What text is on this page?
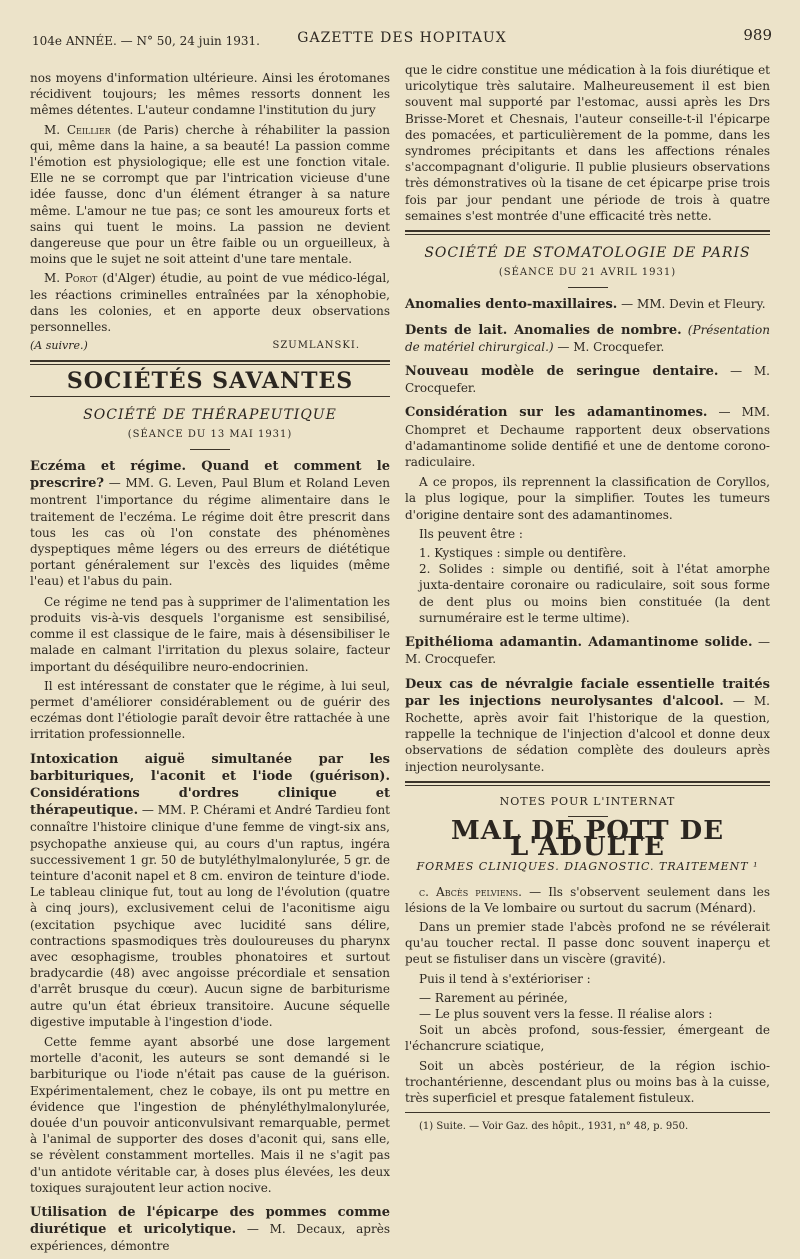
104e ANNÉE. — N° 50, 24 juin 1931.	GAZETTE DES HOPITAUX	989

nos moyens d'information ultérieure. Ainsi les érotomanes récidivent toujours; les mêmes ressorts donnent les mêmes détentes. L'auteur condamne l'institution du jury

M. Ceillier (de Paris) cherche à réhabiliter la passion qui, même dans la haine, a sa beauté! La passion comme l'émotion est physiologique; elle est une fonction vitale. Elle ne se corrompt que par l'intrication vicieuse d'une idée fausse, donc d'un élément étranger à sa nature même. L'amour ne tue pas; ce sont les amoureux forts et sains qui tuent le moins. La passion ne devient dangereuse que pour un être faible ou un orgueilleux, à moins que le sujet ne soit atteint d'une tare mentale.

M. Porot (d'Alger) étudie, au point de vue médico-légal, les réactions criminelles entraînées par la xénophobie, dans les colonies, et en apporte deux observations personnelles.

(A suivre.)	SZUMLANSKI.
SOCIÉTÉS SAVANTES
SOCIÉTÉ DE THÉRAPEUTIQUE
(SÉANCE DU 13 MAI 1931)

Eczéma et régime. Quand et comment le prescrire? — MM. G. Leven, Paul Blum et Roland Leven montrent l'importance du régime alimentaire dans le traitement de l'eczéma. Le régime doit être prescrit dans tous les cas où l'on constate des phénomènes dyspeptiques même légers ou des erreurs de diététique portant généralement sur l'excès des liquides (même l'eau) et l'abus du pain.

Ce régime ne tend pas à supprimer de l'alimentation les produits vis-à-vis desquels l'organisme est sensibilisé, comme il est classique de le faire, mais à désensibiliser le malade en calmant l'irritation du plexus solaire, facteur important du déséquilibre neuro-endocrinien.

Il est intéressant de constater que le régime, à lui seul, permet d'améliorer considérablement ou de guérir des eczémas dont l'étiologie paraît devoir être rattachée à une irritation professionnelle.

Intoxication aiguë simultanée par les barbituriques, l'aconit et l'iode (guérison). Considérations d'ordres clinique et thérapeutique. — MM. P. Chérami et André Tardieu font connaître l'histoire clinique d'une femme de vingt-six ans, psychopathe anxieuse qui, au cours d'un raptus, ingéra successivement 1 gr. 50 de butyléthylmalonylurée, 5 gr. de teinture d'aconit napel et 8 cm. environ de teinture d'iode. Le tableau clinique fut, tout au long de l'évolution (quatre à cinq jours), exclusivement celui de l'aconitisme aigu (excitation psychique avec lucidité sans délire, contractions spasmodiques très douloureuses du pharynx avec œsophagisme, troubles phonatoires et surtout bradycardie (48) avec angoisse précordiale et sensation d'arrêt brusque du cœur). Aucun signe de barbiturisme autre qu'un état ébrieux transitoire. Aucune séquelle digestive imputable à l'ingestion d'iode.

Cette femme ayant absorbé une dose largement mortelle d'aconit, les auteurs se sont demandé si le barbiturique ou l'iode n'était pas cause de la guérison. Expérimentalement, chez le cobaye, ils ont pu mettre en évidence que l'ingestion de phényléthylmalonylurée, douée d'un pouvoir anticonvulsivant remarquable, permet à l'animal de supporter des doses d'aconit qui, sans elle, se révèlent constamment mortelles. Mais il ne s'agit pas d'un antidote véritable car, à doses plus élevées, les deux toxiques surajoutent leur action nocive.

Utilisation de l'épicarpe des pommes comme diurétique et uricolytique. — M. Decaux, après expériences, démontre

que le cidre constitue une médication à la fois diurétique et uricolytique très salutaire. Malheureusement il est bien souvent mal supporté par l'estomac, aussi après les Drs Brisse-Moret et Chesnais, l'auteur conseille-t-il l'épicarpe des pomacées, et particulièrement de la pomme, dans les syndromes précipitants et dans les affections rénales s'accompagnant d'oligurie. Il publie plusieurs observations très démonstratives où la tisane de cet épicarpe prise trois fois par jour pendant une période de trois à quatre semaines s'est montrée d'une efficacité très nette.

SOCIÉTÉ DE STOMATOLOGIE DE PARIS
(SÉANCE DU 21 AVRIL 1931)

Anomalies dento-maxillaires. — MM. Devin et Fleury.

Dents de lait. Anomalies de nombre. (Présentation de matériel chirurgical.) — M. Crocquefer.

Nouveau modèle de seringue dentaire. — M. Crocquefer.

Considération sur les adamantinomes. — MM. Chompret et Dechaume rapportent deux observations d'adamantinome solide dentifié et une de dentome corono-radiculaire.

A ce propos, ils reprennent la classification de Coryllos, la plus logique, pour la simplifier. Toutes les tumeurs d'origine dentaire sont des adamantinomes.

Ils peuvent être :

1. Kystiques : simple ou dentifère.
2. Solides : simple ou dentifié, soit à l'état amorphe juxta-dentaire coronaire ou radiculaire, soit sous forme de dent plus ou moins bien constituée (la dent surnuméraire est le terme ultime).

Epithélioma adamantin. Adamantinome solide. — M. Crocquefer.

Deux cas de névralgie faciale essentielle traités par les injections neurolysantes d'alcool. — M. Rochette, après avoir fait l'historique de la question, rappelle la technique de l'injection d'alcool et donne deux observations de sédation complète des douleurs après injection neurolysante.

NOTES POUR L'INTERNAT
MAL DE POTT DE L'ADULTE
FORMES CLINIQUES. DIAGNOSTIC. TRAITEMENT ¹

c. Abcès pelviens. — Ils s'observent seulement dans les lésions de la Ve lombaire ou surtout du sacrum (Ménard).

Dans un premier stade l'abcès profond ne se révélerait qu'au toucher rectal. Il passe donc souvent inaperçu et peut se fistuliser dans un viscère (gravité).

Puis il tend à s'extérioriser :

— Rarement au périnée,
— Le plus souvent vers la fesse. Il réalise alors :

Soit un abcès profond, sous-fessier, émergeant de l'échancrure sciatique,

Soit un abcès postérieur, de la région ischio-trochantérienne, descendant plus ou moins bas à la cuisse, très superficiel et presque fatalement fistuleux.

(1) Suite. — Voir Gaz. des hôpit., 1931, n° 48, p. 950.
